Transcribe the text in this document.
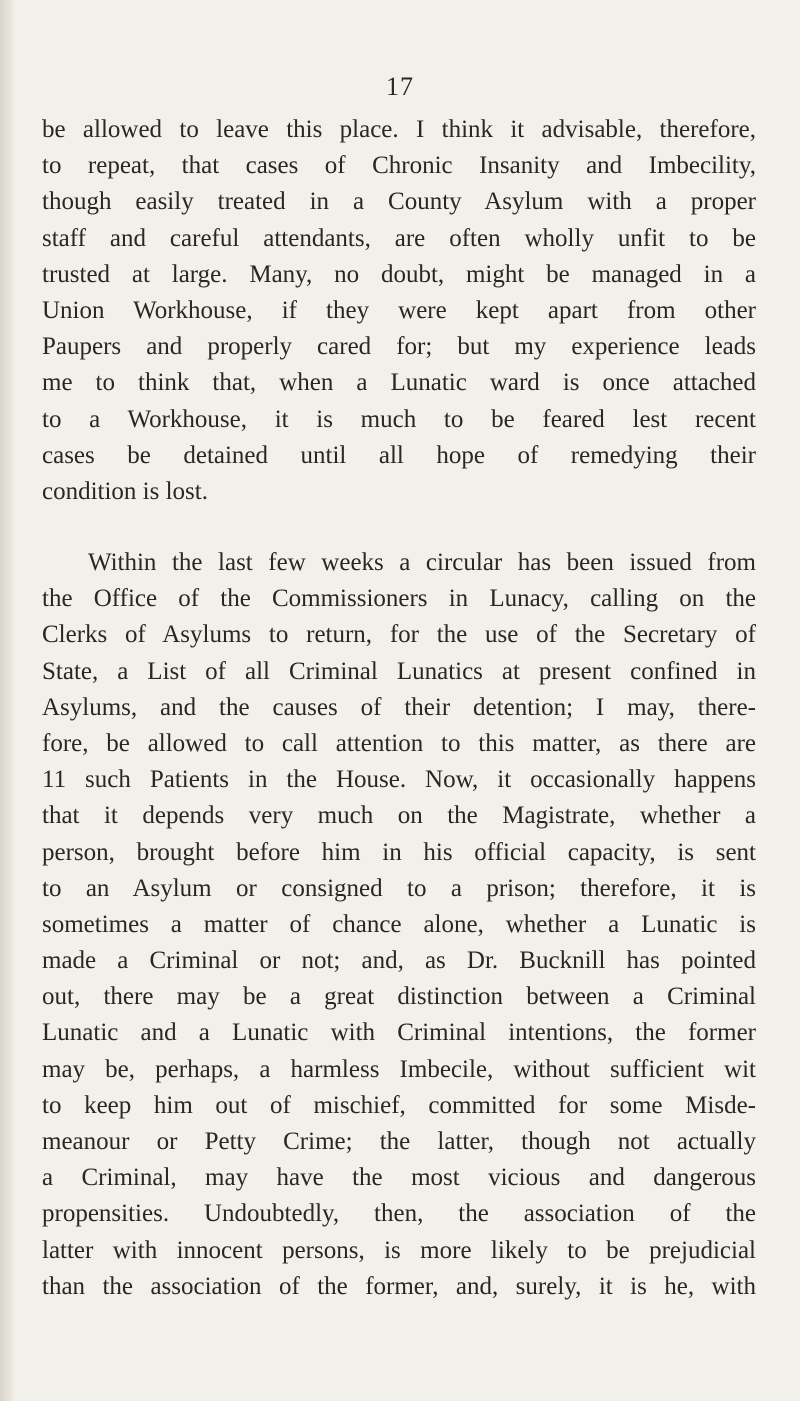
17
be allowed to leave this place. I think it advisable, therefore,
to repeat, that cases of Chronic Insanity and Imbecility,
though easily treated in a County Asylum with a proper
staff and careful attendants, are often wholly unfit to be
trusted at large. Many, no doubt, might be managed in a
Union Workhouse, if they were kept apart from other
Paupers and properly cared for; but my experience leads
me to think that, when a Lunatic ward is once attached
to a Workhouse, it is much to be feared lest recent
cases be detained until all hope of remedying their
condition is lost.
Within the last few weeks a circular has been issued from
the Office of the Commissioners in Lunacy, calling on the
Clerks of Asylums to return, for the use of the Secretary of
State, a List of all Criminal Lunatics at present confined in
Asylums, and the causes of their detention; I may, there-
fore, be allowed to call attention to this matter, as there are
11 such Patients in the House. Now, it occasionally happens
that it depends very much on the Magistrate, whether a
person, brought before him in his official capacity, is sent
to an Asylum or consigned to a prison; therefore, it is
sometimes a matter of chance alone, whether a Lunatic is
made a Criminal or not; and, as Dr. Bucknill has pointed
out, there may be a great distinction between a Criminal
Lunatic and a Lunatic with Criminal intentions, the former
may be, perhaps, a harmless Imbecile, without sufficient wit
to keep him out of mischief, committed for some Misde-
meanour or Petty Crime; the latter, though not actually
a Criminal, may have the most vicious and dangerous
propensities. Undoubtedly, then, the association of the
latter with innocent persons, is more likely to be prejudicial
than the association of the former, and, surely, it is he, with
